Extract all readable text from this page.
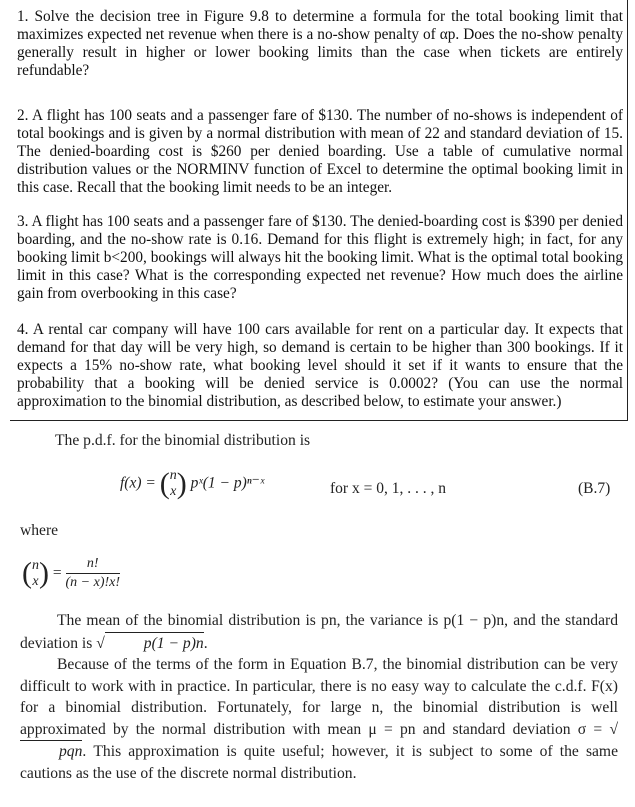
1. Solve the decision tree in Figure 9.8 to determine a formula for the total booking limit that maximizes expected net revenue when there is a no-show penalty of αp. Does the no-show penalty generally result in higher or lower booking limits than the case when tickets are entirely refundable?

2. A flight has 100 seats and a passenger fare of $130. The number of no-shows is independent of total bookings and is given by a normal distribution with mean of 22 and standard deviation of 15. The denied-boarding cost is $260 per denied boarding. Use a table of cumulative normal distribution values or the NORMINV function of Excel to determine the optimal booking limit in this case. Recall that the booking limit needs to be an integer.

3. A flight has 100 seats and a passenger fare of $130. The denied-boarding cost is $390 per denied boarding, and the no-show rate is 0.16. Demand for this flight is extremely high; in fact, for any booking limit b<200, bookings will always hit the booking limit. What is the optimal total booking limit in this case? What is the corresponding expected net revenue? How much does the airline gain from overbooking in this case?

4. A rental car company will have 100 cars available for rent on a particular day. It expects that demand for that day will be very high, so demand is certain to be higher than 300 bookings. If it expects a 15% no-show rate, what booking level should it set if it wants to ensure that the probability that a booking will be denied service is 0.0002? (You can use the normal approximation to the binomial distribution, as described below, to estimate your answer.)

The p.d.f. for the binomial distribution is

f(x) = (n
x) pˣ(1 − p)ⁿ⁻ˣ	for x = 0, 1, . . . , n	(B.7)

where

(n
$x) = \frac{n!}{(n - x)!x!}$

The mean of the binomial distribution is pn, the variance is p(1 − p)n, and the standard deviation is √	p(1 − p)n.

Because of the terms of the form in Equation B.7, the binomial distribution can be very difficult to work with in practice. In particular, there is no easy way to calculate the c.d.f. F(x) for a binomial distribution. Fortunately, for large n, the binomial distribution is well approximated by the normal distribution with mean μ = pn and standard deviation σ = √pqn. This approximation is quite useful; however, it is subject to some of the same cautions as the use of the discrete normal distribution.
